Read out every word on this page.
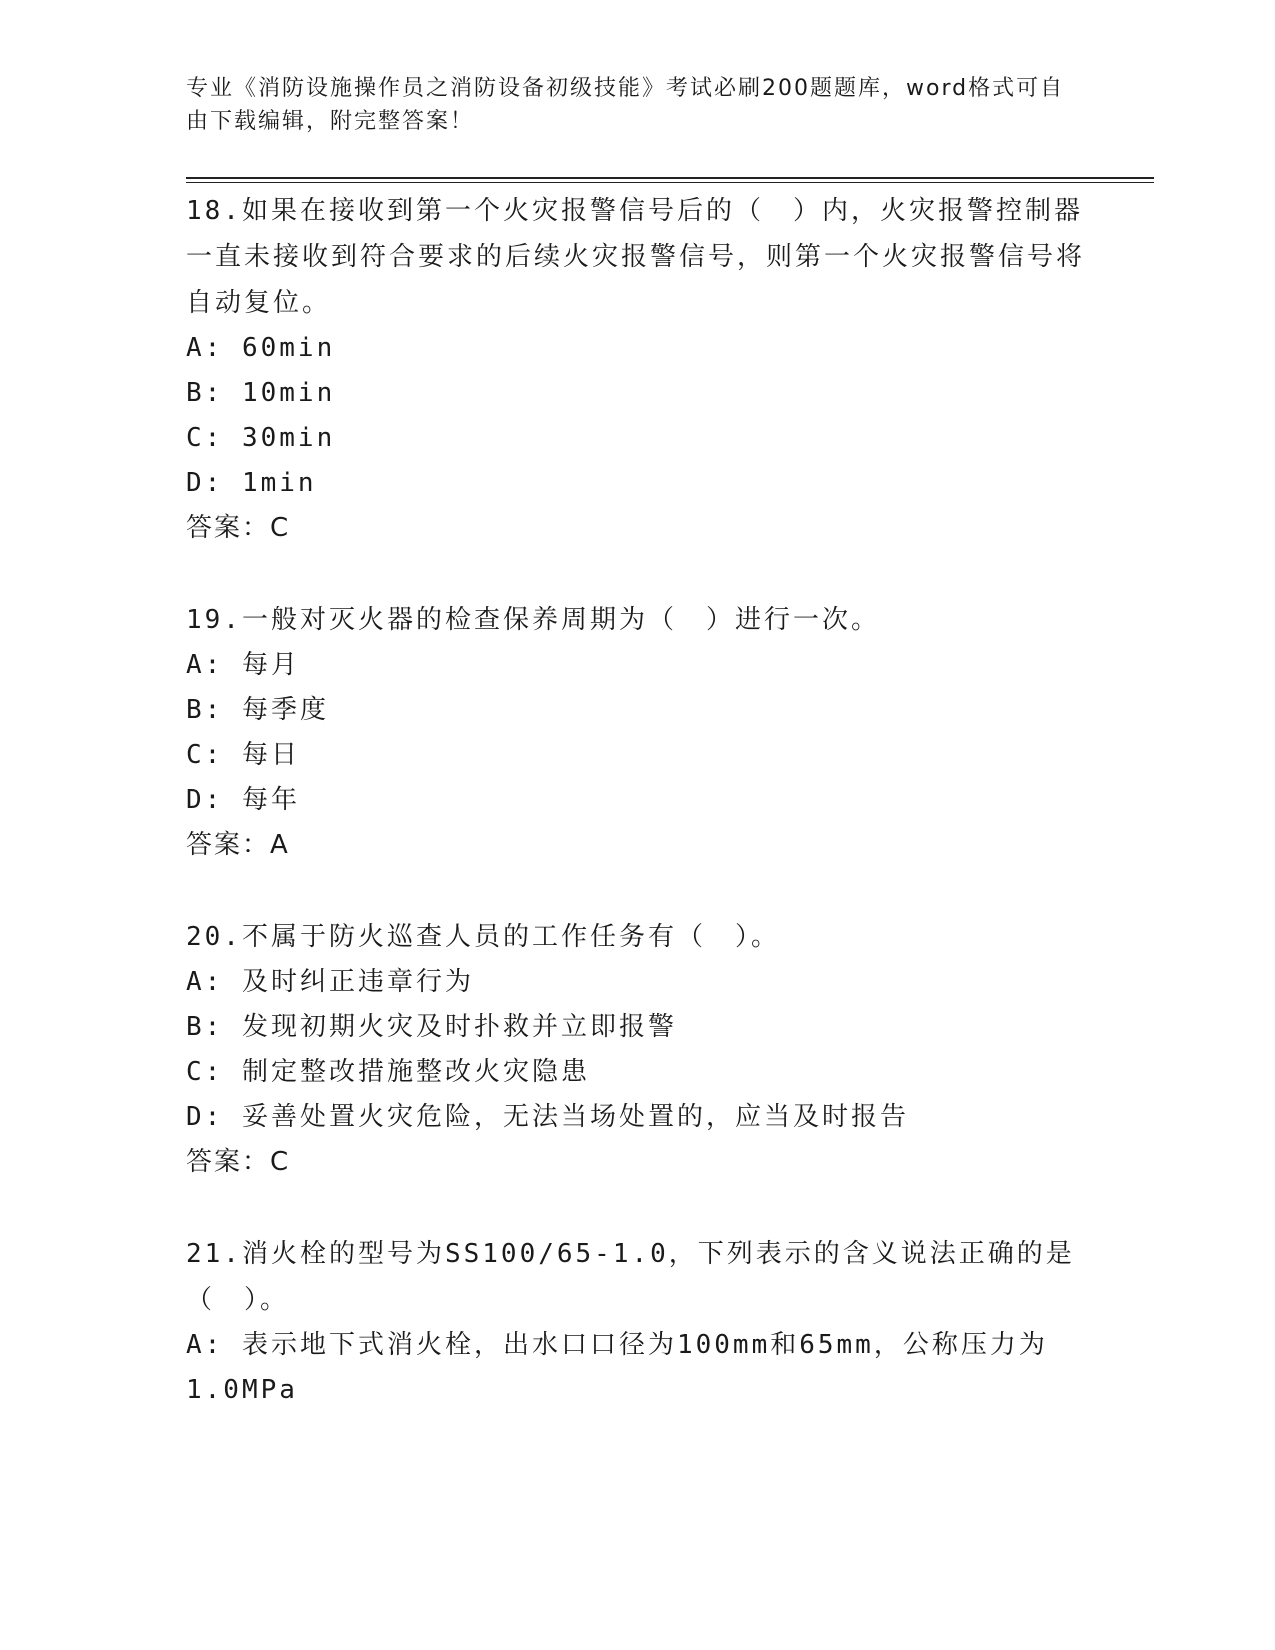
专业《消防设施操作员之消防设备初级技能》考试必刷200题题库，word格式可自由下载编辑，附完整答案！

18.如果在接收到第一个火灾报警信号后的（　）内，火灾报警控制器一直未接收到符合要求的后续火灾报警信号，则第一个火灾报警信号将自动复位。

A: 60min

B: 10min

C: 30min

D: 1min

答案：C

19.一般对灭火器的检查保养周期为（　）进行一次。

A: 每月

B: 每季度

C: 每日

D: 每年

答案：A

20.不属于防火巡查人员的工作任务有（　）。

A: 及时纠正违章行为

B: 发现初期火灾及时扑救并立即报警

C: 制定整改措施整改火灾隐患

D: 妥善处置火灾危险，无法当场处置的，应当及时报告

答案：C

21.消火栓的型号为SS100/65-1.0，下列表示的含义说法正确的是（　）。

A: 表示地下式消火栓，出水口口径为100mm和65mm，公称压力为1.0MPa
